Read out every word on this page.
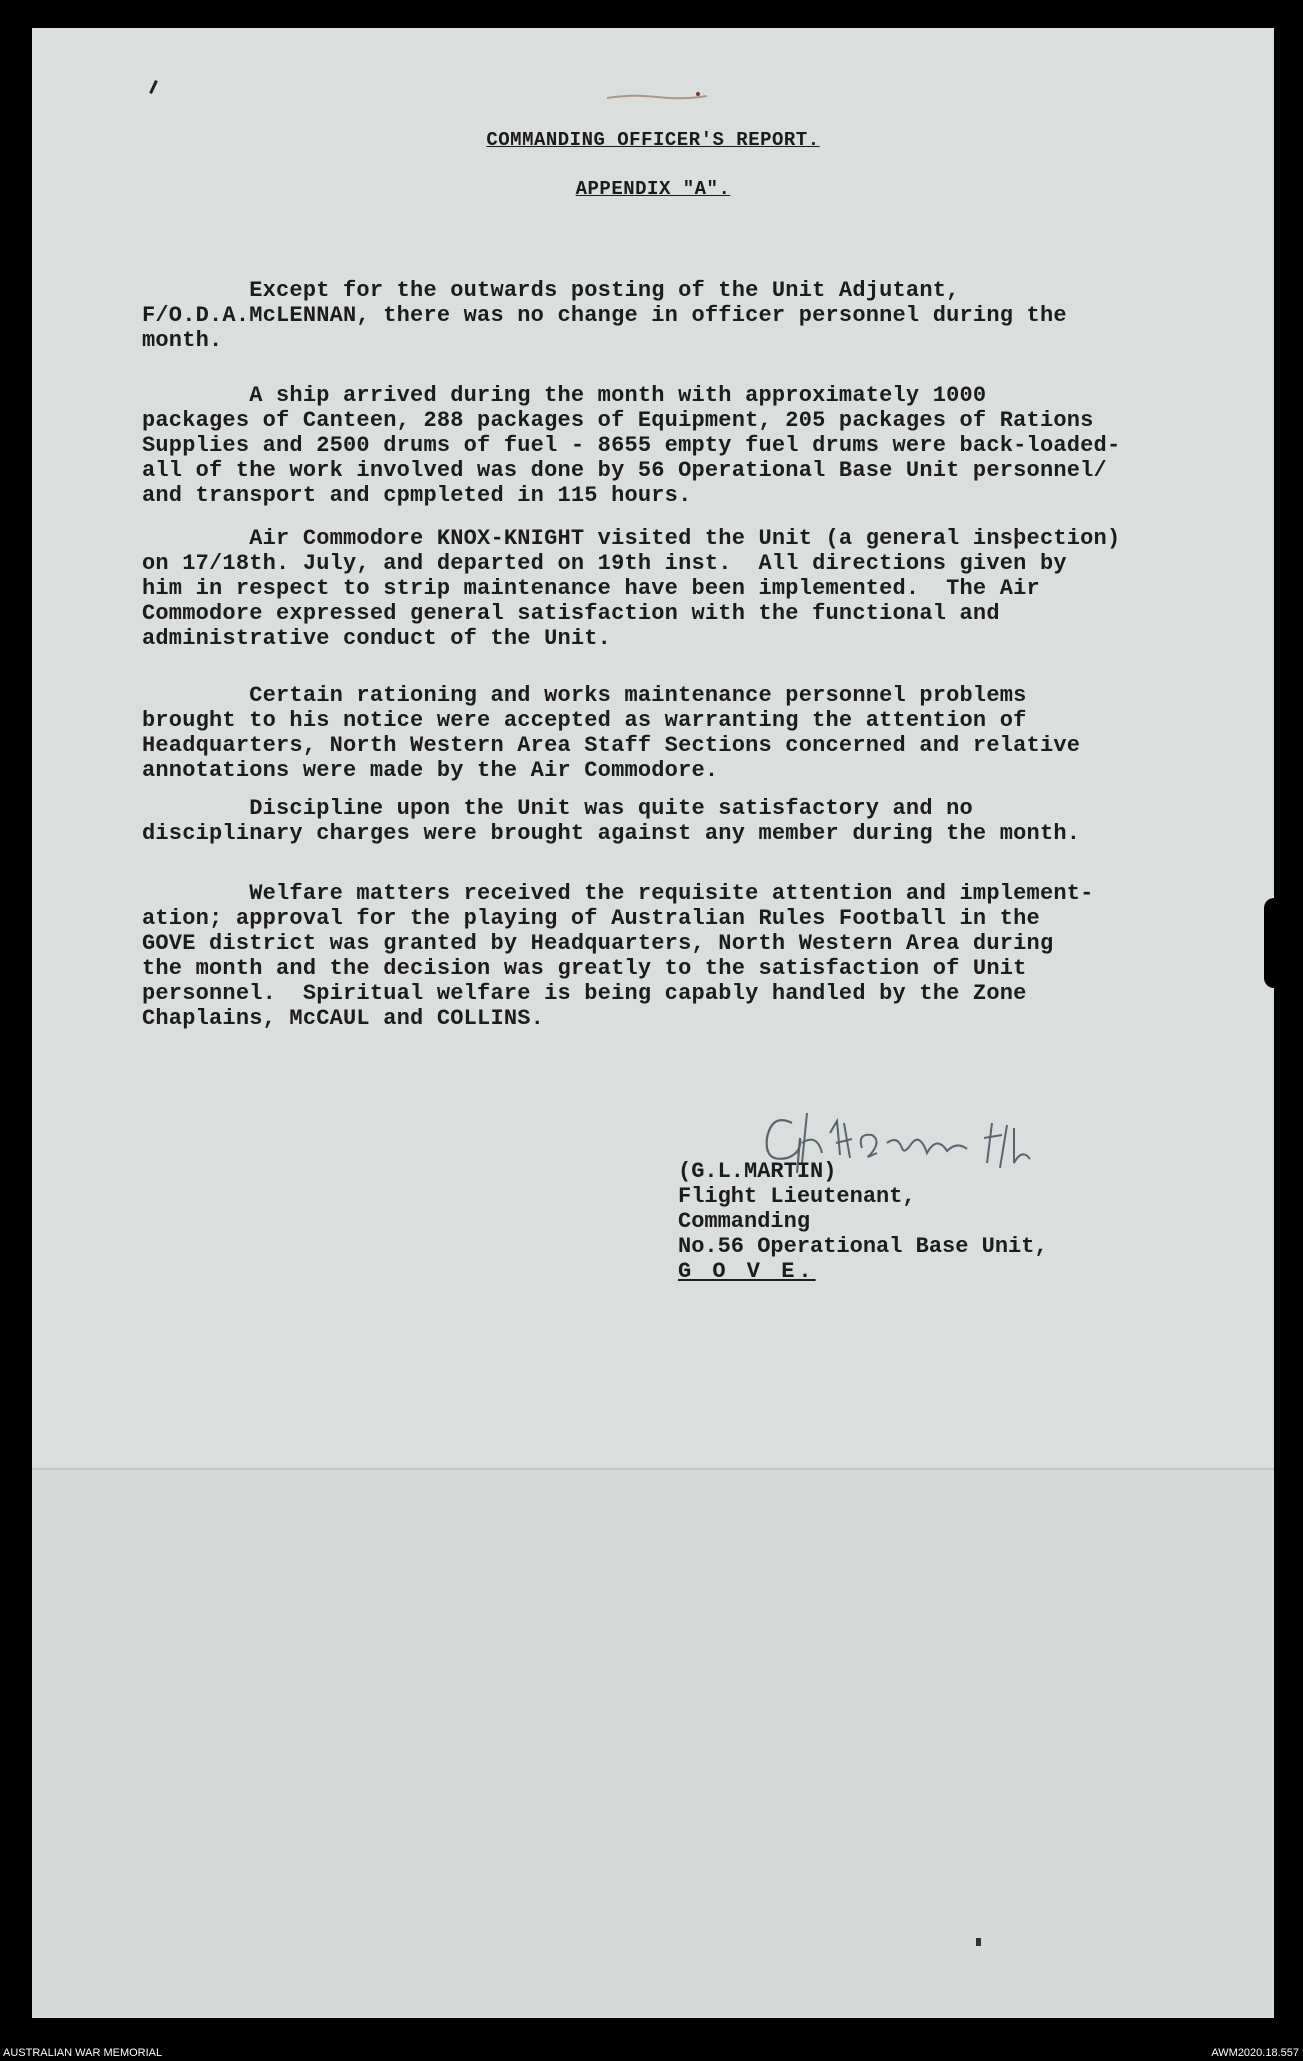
COMMANDING OFFICER'S REPORT.
APPENDIX "A".

Except for the outwards posting of the Unit Adjutant,
F/O.D.A.McLENNAN, there was no change in officer personnel during the
month.

A ship arrived during the month with approximately 1000
packages of Canteen, 288 packages of Equipment, 205 packages of Rations
Supplies and 2500 drums of fuel - 8655 empty fuel drums were back-loaded-
all of the work involved was done by 56 Operational Base Unit personnel/
and transport and cpmpleted in 115 hours.

Air Commodore KNOX-KNIGHT visited the Unit (a general insþection)
on 17/18th. July, and departed on 19th inst.  All directions given by
him in respect to strip maintenance have been implemented.  The Air
Commodore expressed general satisfaction with the functional and
administrative conduct of the Unit.

Certain rationing and works maintenance personnel problems
brought to his notice were accepted as warranting the attention of
Headquarters, North Western Area Staff Sections concerned and relative
annotations were made by the Air Commodore.

Discipline upon the Unit was quite satisfactory and no
disciplinary charges were brought against any member during the month.

Welfare matters received the requisite attention and implement-
ation; approval for the playing of Australian Rules Football in the
GOVE district was granted by Headquarters, North Western Area during
the month and the decision was greatly to the satisfaction of Unit
personnel.  Spiritual welfare is being capably handled by the Zone
Chaplains, McCAUL and COLLINS.

(G.L.MARTIN)
Flight Lieutenant,
Commanding
No.56 Operational Base Unit,
G O V E.
AUSTRALIAN WAR MEMORIAL	AWM2020.18.557
